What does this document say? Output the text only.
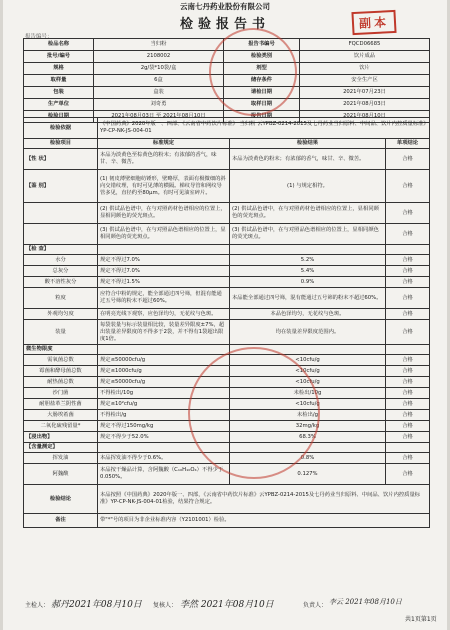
云南七丹药业股份有限公司
检验报告书	副本
报告编号：
检品名称	当归粉	报告书编号	FQCD06685
批号/编号	2108002	检验类别	饮片成品
规格	2g/袋*10袋/盒	剂型	饮片
取样量	6盒	储存条件	安全生产区
包装	盒装	请检日期	2021年07月23日
生产单位	刘奇勇	取样日期	2021年08月03日
检验日期	2021年08月03日 至 2021年08月10日	报告日期	2021年08月10日
检验依据	《中国药典》2020年版一、四部、《云南省中药饮片标准》 当归粉 云YPBZ-0214-2015及七丹药业当归原料、中间品、饮片内控质量标准》YP-CP-NK-JS-004-01		
检验项目	标准规定	检验结果	单项结论
【性 状】	本品为淡黄色至棕黄色的粉末；有浓郁的香气，味甘、辛、微苦。	本品为淡黄色的粉末；有浓郁的香气，味甘、辛、微苦。	合格
【鉴 别】	(1) 韧皮薄壁细胞纺锤形，壁略厚，表面有极微细的斜向交错纹理，有时可见薄的横隔。梯纹导管和网纹导管多见，直径约至80μm。有时可见油室碎片。	(1) 与规定相符。	合格
	(2) 供试品色谱中，在与对照药材色谱相应的位置上，显相同颜色的荧光斑点。	(2) 供试品色谱中，在与对照药材色谱相应的位置上，显相同颜色的荧光斑点。	合格
	(3) 供试品色谱中，在与对照品色谱相应的位置上，显相同颜色的荧光斑点。	(3) 供试品色谱中，在与对照品色谱相应的位置上，显相同颜色的荧光斑点。	合格
【检 查】			
水分	规定不得过7.0%	5.2%	合格
总灰分	规定不得过7.0%	5.4%	合格
酸不溶性灰分	规定不得过1.5%	0.9%	合格
粒度	应符合中粉的规定，能全部通过四号筛，但混有能通过五号筛的粉末不超过60%。	本品能全部通过四号筛，混有能通过五号筛的粉末不超过60%。	合格
外观均匀度	在明亮光线下观察，应色泽均匀，无花纹与色斑。	本品色泽均匀，无花纹与色斑。	合格
装量	每袋装量与标示装量相比较，装量差异限度±7%，超出装量差异限度的不得多于2袋，并不得有1袋超出限度1倍。	均在装量差异限度范围内。	合格
微生物限度			
需氧菌总数	规定≤50000cfu/g	<10cfu/g	合格
霉菌和酵母菌总数	规定≤1000cfu/g	<10cfu/g	合格
耐热菌总数	规定≤50000cfu/g	<10cfu/g	合格
沙门菌	不得检出/10g	未检出/10g	合格
耐胆盐革兰阴性菌	规定≤10²cfu/g	<10cfu/g	合格
大肠埃希菌	不得检出/g	未检出/g	合格
二氧化硫残留量*	规定不得过150mg/kg	32mg/kg	合格
【浸出物】	规定不得少于52.0%	68.3%	合格
【含量测定】			
挥发油	本品挥发油不得少于0.6%。	0.8%	合格
阿魏酸	本品按干燥品计算，含阿魏酸（C₁₀H₁₀O₄）不得少于0.050%。	0.127%	合格
检验结论	本品按照《中国药典》2020年版一、四部，《云南省中药饮片标准》云YPBZ-0214-2015及七丹药业当归原料、中间品、饮片内控质量标准》YP-CP-NK-JS-004-01检验，结果符合规定。		
备注	带"*"号的项目为非企业标准内容（Y2101001）检验。		
主检人： 郝丹2021年08月10日 复核人： 李然 2021年08月10日	负责人： 李云 2021年08月10日
共1页第1页
